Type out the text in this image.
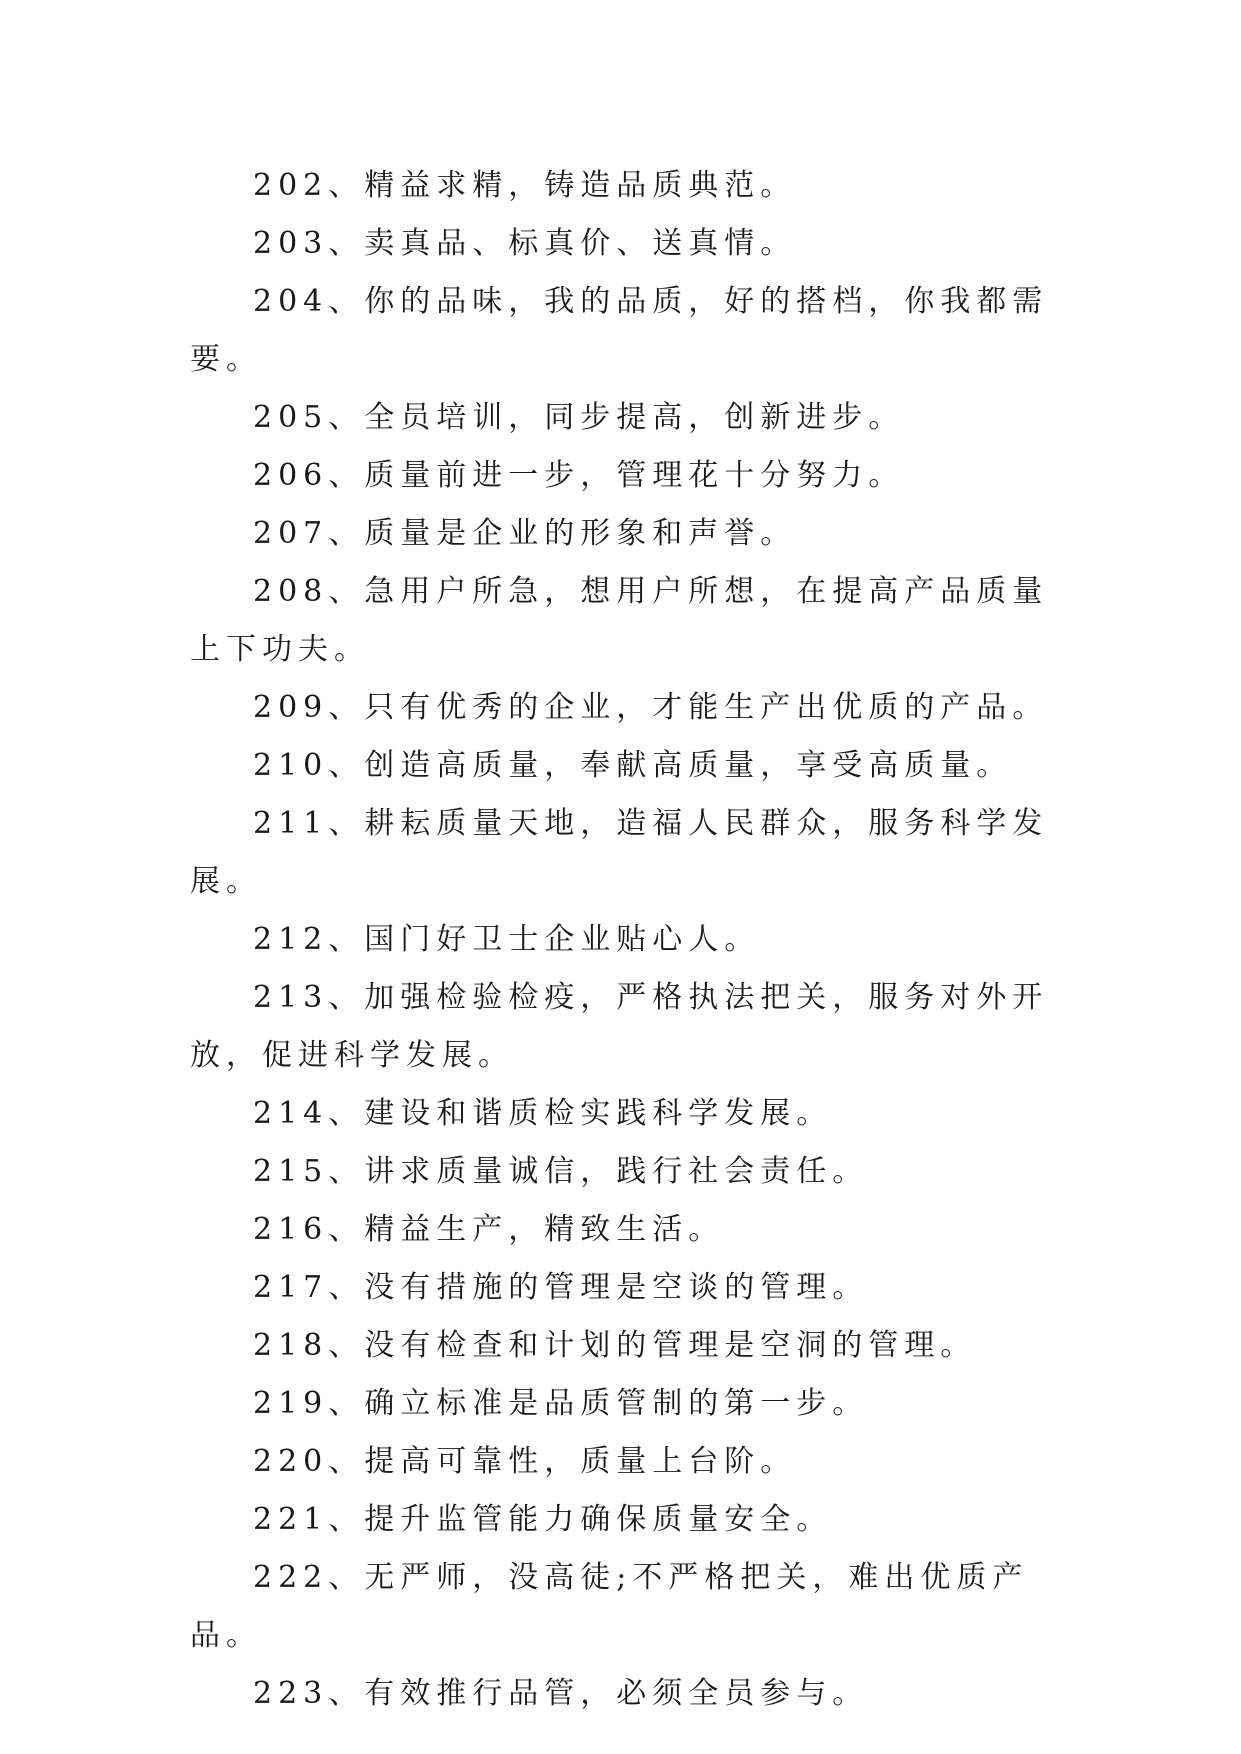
202、精益求精，铸造品质典范。

203、卖真品、标真价、送真情。

204、你的品味，我的品质，好的搭档，你我都需要。

205、全员培训，同步提高，创新进步。

206、质量前进一步，管理花十分努力。

207、质量是企业的形象和声誉。

208、急用户所急，想用户所想，在提高产品质量上下功夫。

209、只有优秀的企业，才能生产出优质的产品。

210、创造高质量，奉献高质量，享受高质量。

211、耕耘质量天地，造福人民群众，服务科学发展。

212、国门好卫士企业贴心人。

213、加强检验检疫，严格执法把关，服务对外开放，促进科学发展。

214、建设和谐质检实践科学发展。

215、讲求质量诚信，践行社会责任。

216、精益生产，精致生活。

217、没有措施的管理是空谈的管理。

218、没有检查和计划的管理是空洞的管理。

219、确立标准是品质管制的第一步。

220、提高可靠性，质量上台阶。

221、提升监管能力确保质量安全。

222、无严师，没高徒;不严格把关，难出优质产品。

223、有效推行品管，必须全员参与。
